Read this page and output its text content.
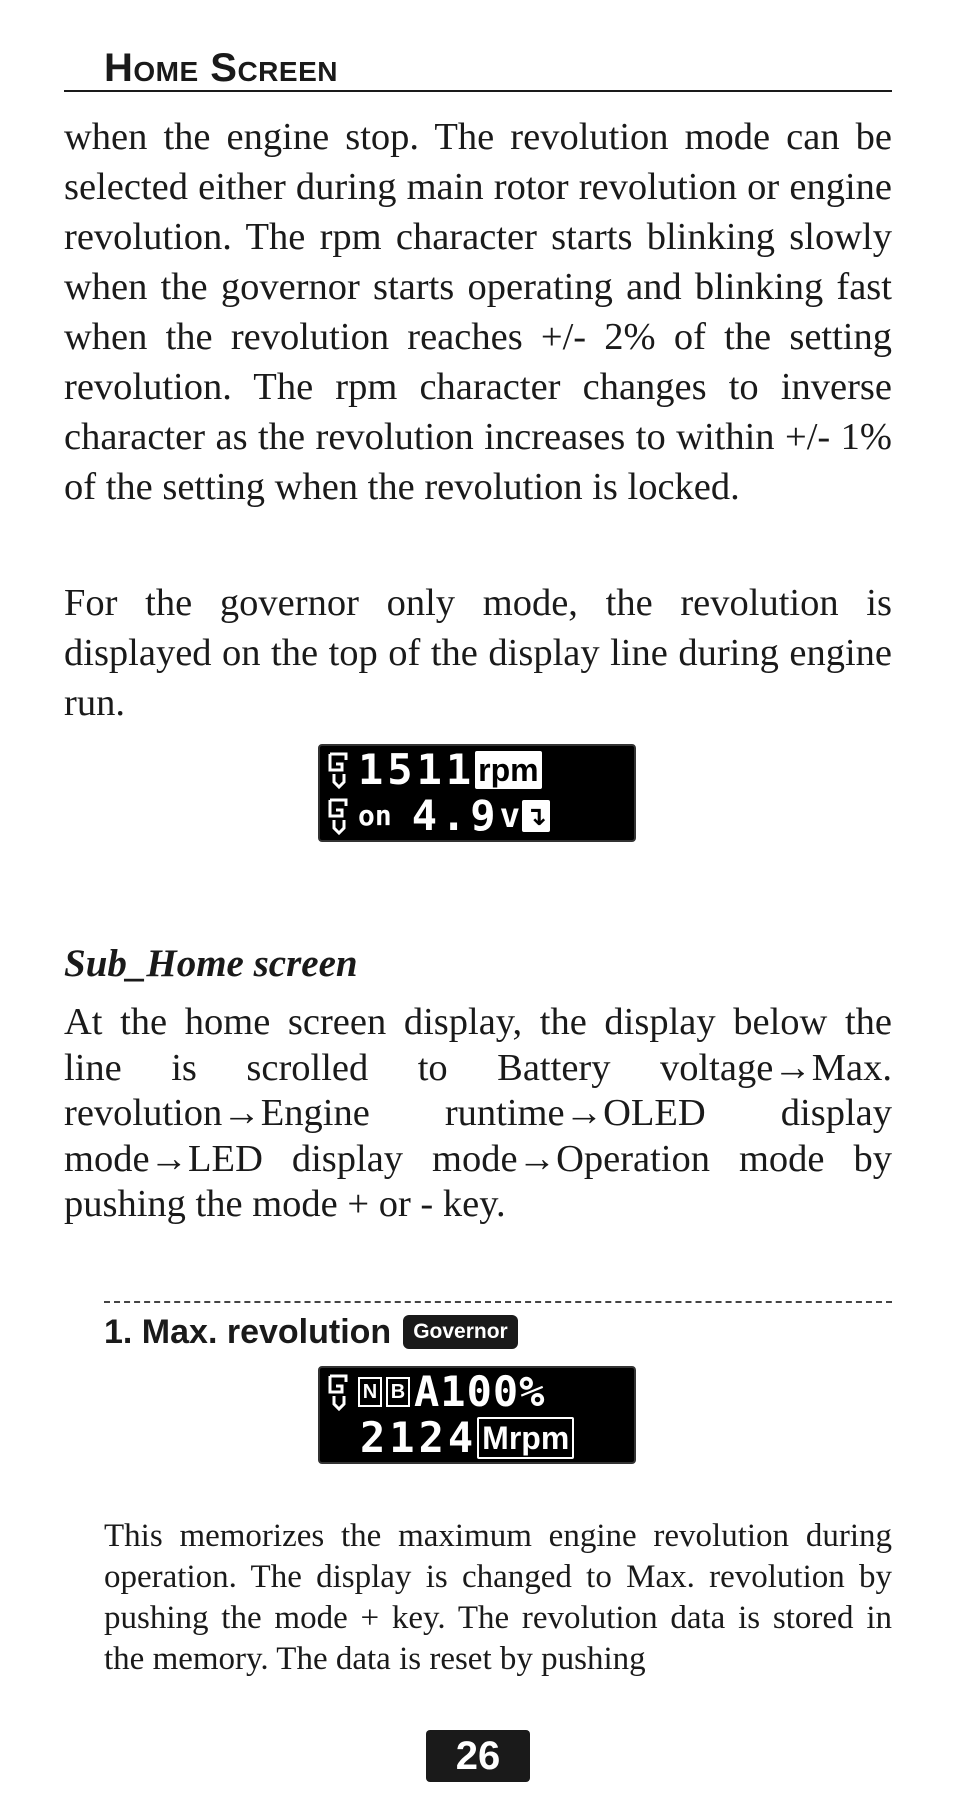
Home Screen

when the engine stop. The revolution mode can be selected either during main rotor revolution or engine revolution. The rpm character starts blinking slowly when the governor starts operating and blinking fast when the revolution reaches +/- 2% of the setting revolution. The rpm character changes to inverse character as the revolution increases to within +/- 1% of the setting when the revolution is locked.

For the governor only mode, the revolution is displayed on the top of the display line during engine run.

1511 rpm
on 4.9 v ↴
Sub_Home screen

At the home screen display, the display below the line is scrolled to Battery voltage→Max. revolution→Engine runtime→OLED display mode→LED display mode→Operation mode by pushing the mode + or - key.

1. Max. revolution	Governor
N B A100%
2124 Mrpm

This memorizes the maximum engine revolution during operation. The display is changed to Max. revolution by pushing the mode + key. The revolution data is stored in the memory. The data is reset by pushing

26
